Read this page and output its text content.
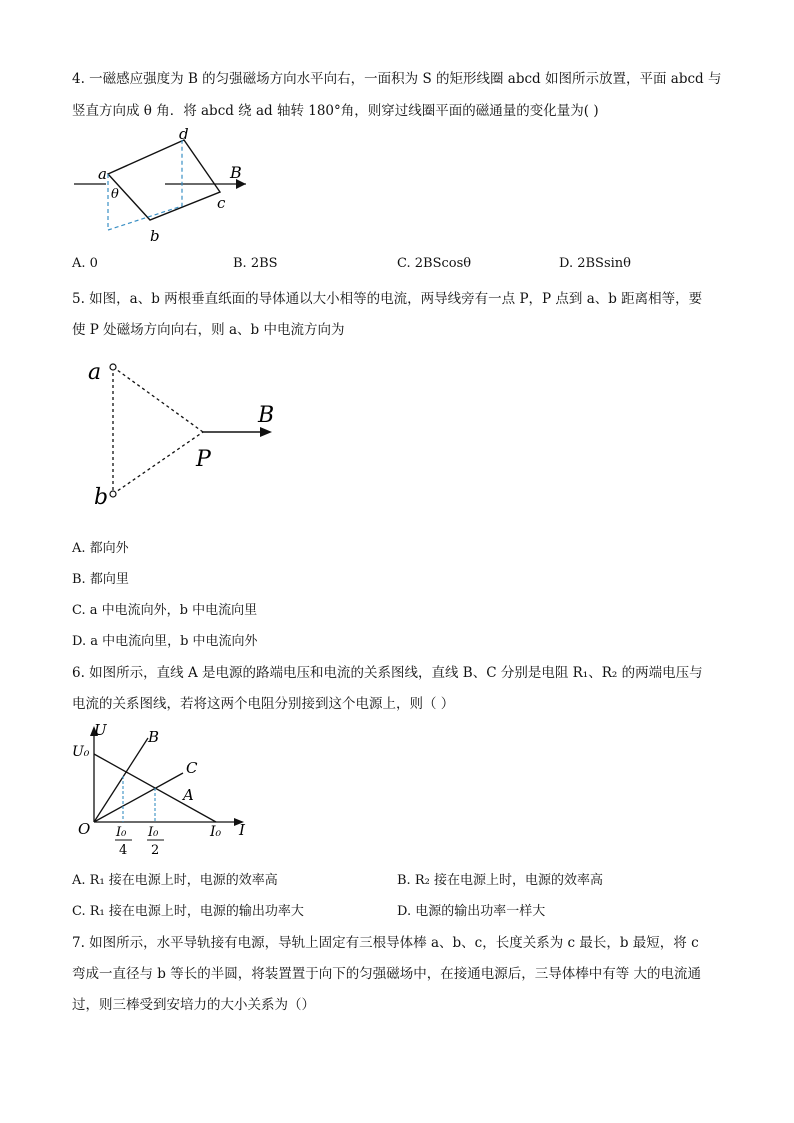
4. 一磁感应强度为 B 的匀强磁场方向水平向右，一面积为 S 的矩形线圈 abcd 如图所示放置，平面 abcd 与
竖直方向成 θ 角．将 abcd 绕 ad 轴转 180°角，则穿过线圈平面的磁通量的变化量为( )
a
d
c
b
θ
B
A. 0	B. 2BS	C. 2BScosθ	D. 2BSsinθ
5. 如图，a、b 两根垂直纸面的导体通以大小相等的电流，两导线旁有一点 P，P 点到 a、b 距离相等，要
使 P 处磁场方向向右，则 a、b 中电流方向为
a
b
P
B
A. 都向外
B. 都向里
C. a 中电流向外，b 中电流向里
D. a 中电流向里，b 中电流向外
6. 如图所示，直线 A 是电源的路端电压和电流的关系图线，直线 B、C 分别是电阻 R₁、R₂ 的两端电压与
电流的关系图线，若将这两个电阻分别接到这个电源上，则（ ）
U
U₀
O	I
I₀
B
C
A
I₀
4
I₀
2
A. R₁ 接在电源上时，电源的效率高	B. R₂ 接在电源上时，电源的效率高
C. R₁ 接在电源上时，电源的输出功率大	D. 电源的输出功率一样大
7. 如图所示，水平导轨接有电源，导轨上固定有三根导体棒 a、b、c，长度关系为 c 最长，b 最短，将 c
弯成一直径与 b 等长的半圆，将装置置于向下的匀强磁场中，在接通电源后，三导体棒中有等 大的电流通
过，则三棒受到安培力的大小关系为（）
